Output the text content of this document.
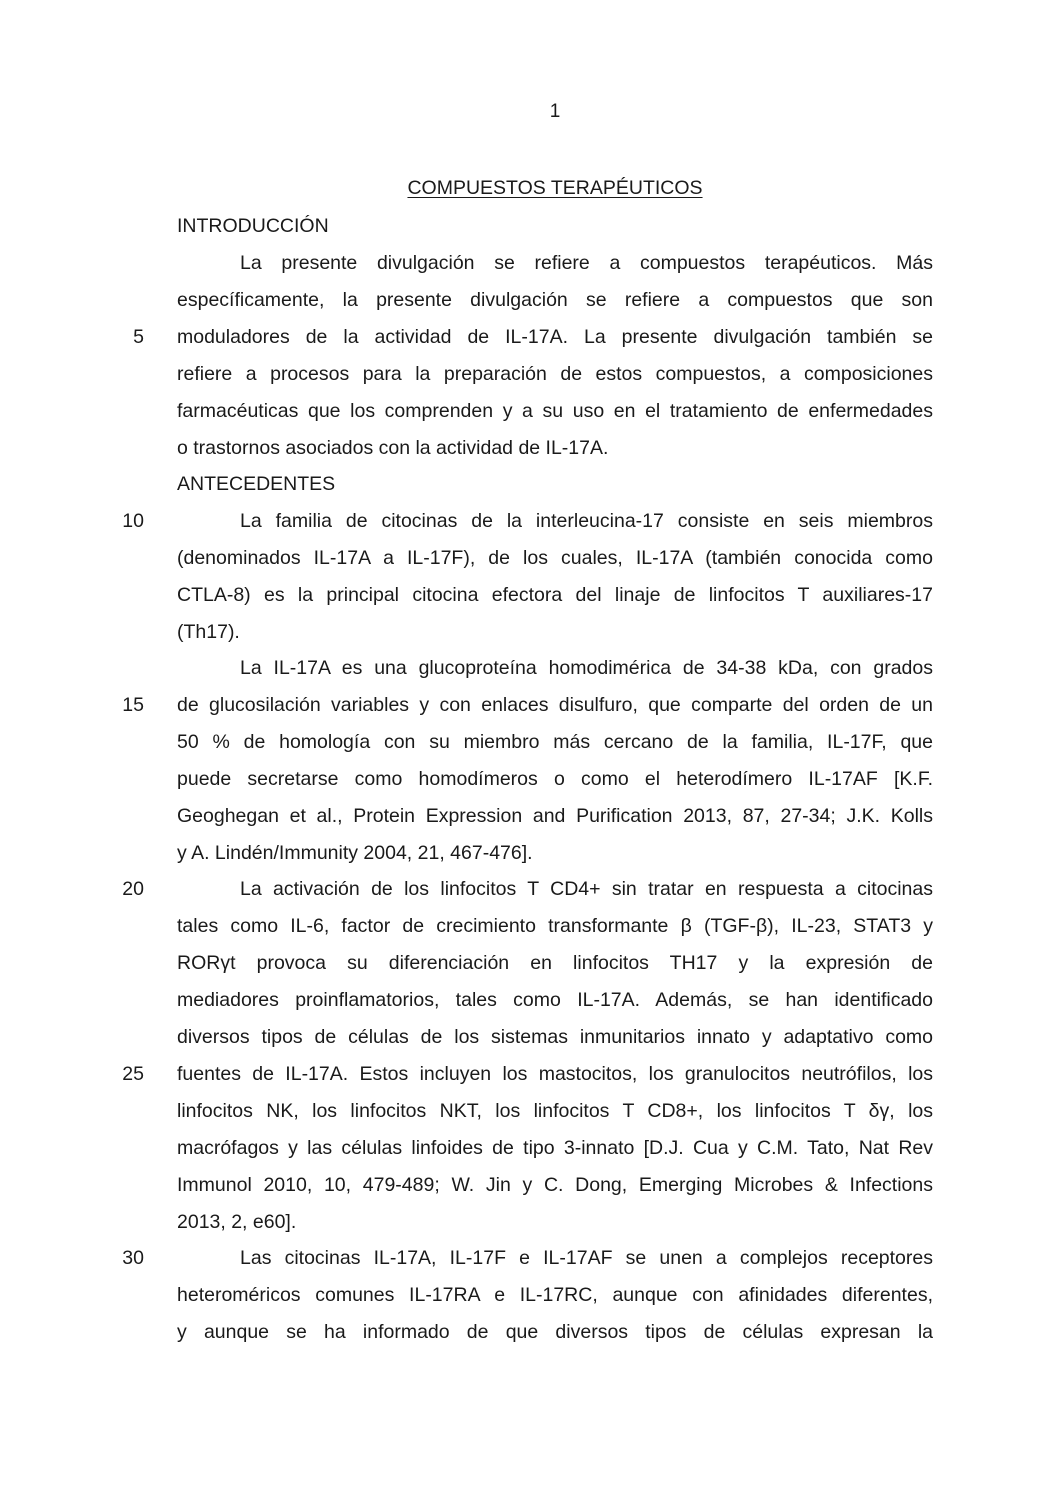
1
COMPUESTOS TERAPÉUTICOS
INTRODUCCIÓN
La presente divulgación se refiere a compuestos terapéuticos. Más
específicamente, la presente divulgación se refiere a compuestos que son
moduladores de la actividad de IL-17A. La presente divulgación también se
refiere a procesos para la preparación de estos compuestos, a composiciones
farmacéuticas que los comprenden y a su uso en el tratamiento de enfermedades
o trastornos asociados con la actividad de IL-17A.
ANTECEDENTES
La familia de citocinas de la interleucina-17 consiste en seis miembros
(denominados IL-17A a IL-17F), de los cuales, IL-17A (también conocida como
CTLA-8) es la principal citocina efectora del linaje de linfocitos T auxiliares-17
(Th17).
La IL-17A es una glucoproteína homodimérica de 34-38 kDa, con grados
de glucosilación variables y con enlaces disulfuro, que comparte del orden de un
50 % de homología con su miembro más cercano de la familia, IL-17F, que
puede secretarse como homodímeros o como el heterodímero IL-17AF [K.F.
Geoghegan et al., Protein Expression and Purification 2013, 87, 27-34; J.K. Kolls
y A. Lindén/Immunity 2004, 21, 467-476].
La activación de los linfocitos T CD4+ sin tratar en respuesta a citocinas
tales como IL-6, factor de crecimiento transformante β (TGF-β), IL-23, STAT3 y
RORγt provoca su diferenciación en linfocitos TH17 y la expresión de
mediadores proinflamatorios, tales como IL-17A. Además, se han identificado
diversos tipos de células de los sistemas inmunitarios innato y adaptativo como
fuentes de IL-17A. Estos incluyen los mastocitos, los granulocitos neutrófilos, los
linfocitos NK, los linfocitos NKT, los linfocitos T CD8+, los linfocitos T δγ, los
macrófagos y las células linfoides de tipo 3-innato [D.J. Cua y C.M. Tato, Nat Rev
Immunol 2010, 10, 479-489; W. Jin y C. Dong, Emerging Microbes & Infections
2013, 2, e60].
Las citocinas IL-17A, IL-17F e IL-17AF se unen a complejos receptores
heteroméricos comunes IL-17RA e IL-17RC, aunque con afinidades diferentes,
y aunque se ha informado de que diversos tipos de células expresan la
5
10
15
20
25
30
